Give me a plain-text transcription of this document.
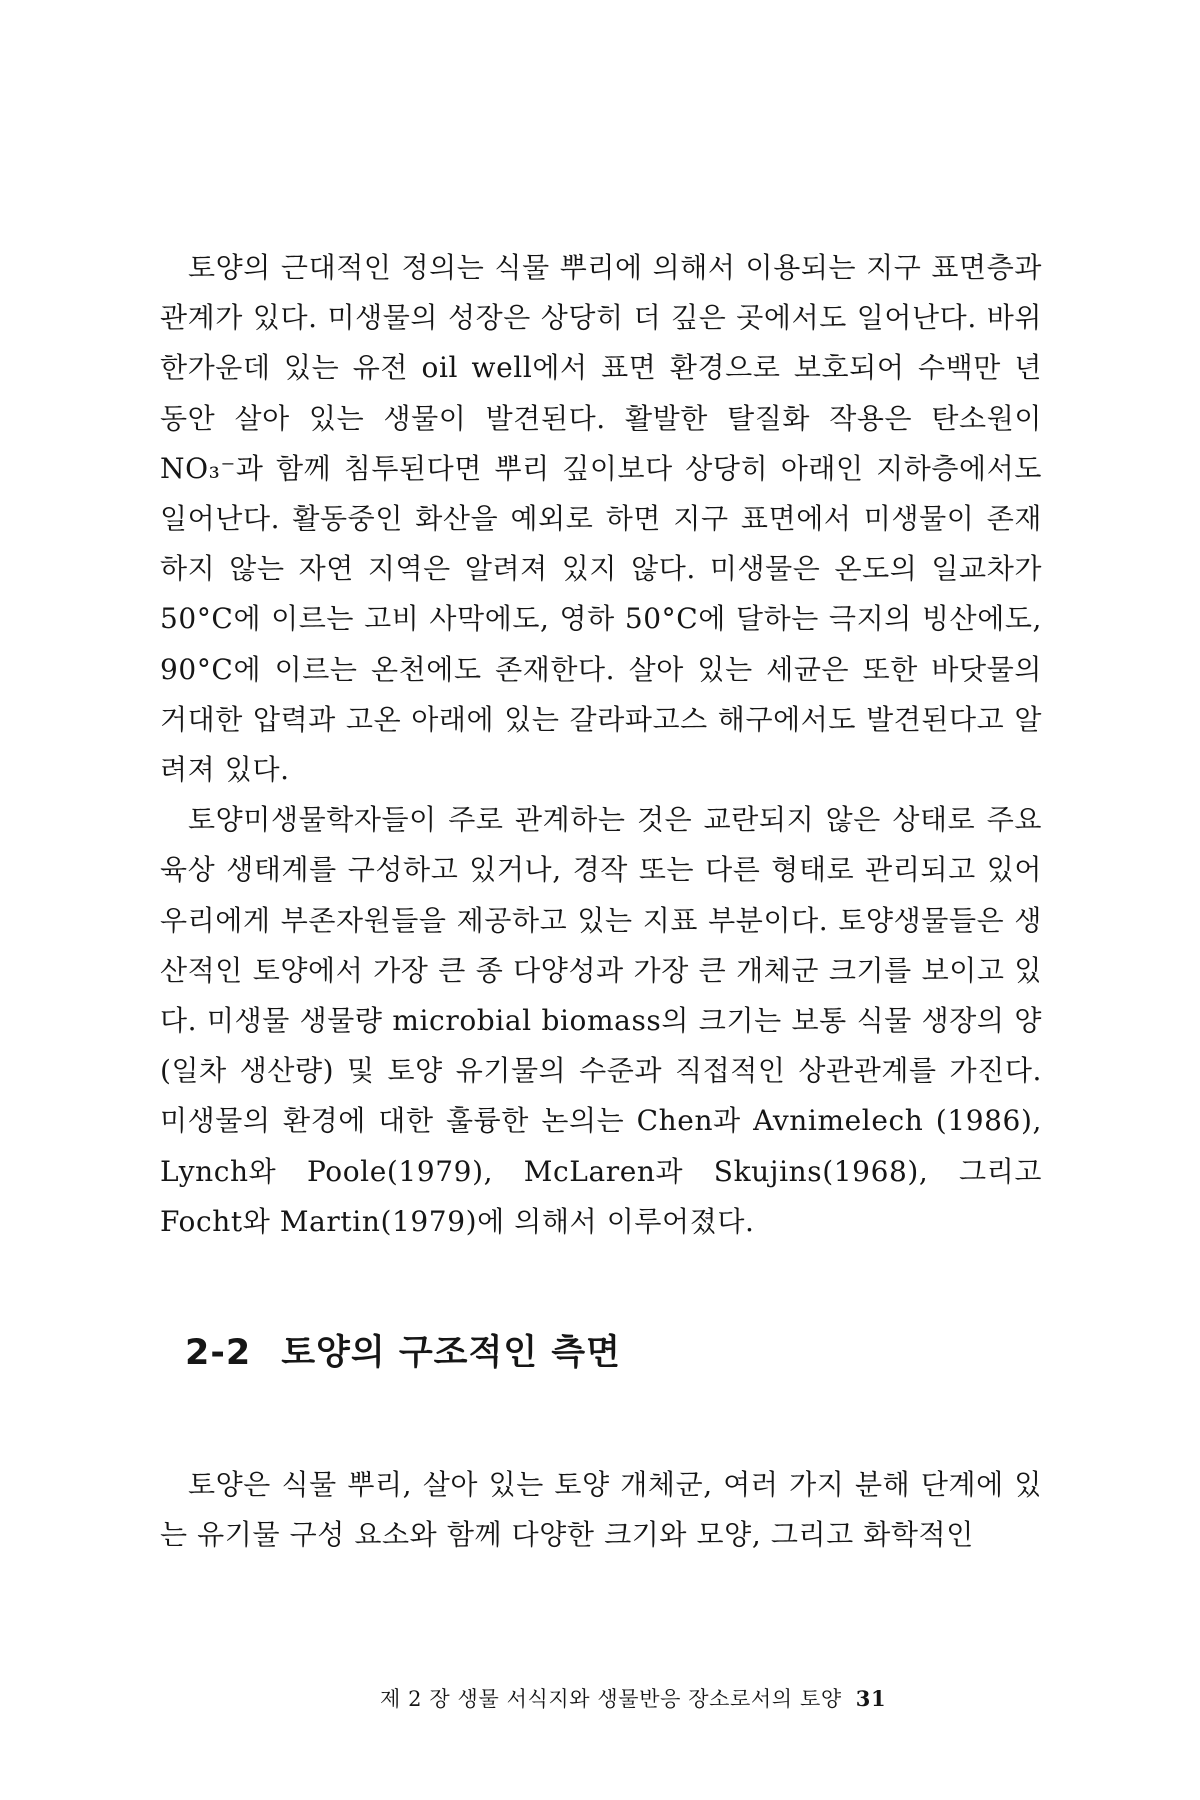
토양의 근대적인 정의는 식물 뿌리에 의해서 이용되는 지구 표면층과 관계가 있다. 미생물의 성장은 상당히 더 깊은 곳에서도 일어난다. 바위 한가운데 있는 유전 oil well에서 표면 환경으로 보호되어 수백만 년 동안 살아 있는 생물이 발견된다. 활발한 탈질화 작용은 탄소원이 NO₃⁻과 함께 침투된다면 뿌리 깊이보다 상당히 아래인 지하층에서도 일어난다. 활동중인 화산을 예외로 하면 지구 표면에서 미생물이 존재하지 않는 자연 지역은 알려져 있지 않다. 미생물은 온도의 일교차가 50°C에 이르는 고비 사막에도, 영하 50°C에 달하는 극지의 빙산에도, 90°C에 이르는 온천에도 존재한다. 살아 있는 세균은 또한 바닷물의 거대한 압력과 고온 아래에 있는 갈라파고스 해구에서도 발견된다고 알려져 있다.

토양미생물학자들이 주로 관계하는 것은 교란되지 않은 상태로 주요 육상 생태계를 구성하고 있거나, 경작 또는 다른 형태로 관리되고 있어 우리에게 부존자원들을 제공하고 있는 지표 부분이다. 토양생물들은 생산적인 토양에서 가장 큰 종 다양성과 가장 큰 개체군 크기를 보이고 있다. 미생물 생물량 microbial biomass의 크기는 보통 식물 생장의 양(일차 생산량) 및 토양 유기물의 수준과 직접적인 상관관계를 가진다. 미생물의 환경에 대한 훌륭한 논의는 Chen과 Avnimelech (1986), Lynch와 Poole(1979), McLaren과 Skujins(1968), 그리고 Focht와 Martin(1979)에 의해서 이루어졌다.

2-2 토양의 구조적인 측면

토양은 식물 뿌리, 살아 있는 토양 개체군, 여러 가지 분해 단계에 있는 유기물 구성 요소와 함께 다양한 크기와 모양, 그리고 화학적인

제 2 장 생물 서식지와 생물반응 장소로서의 토양 31
